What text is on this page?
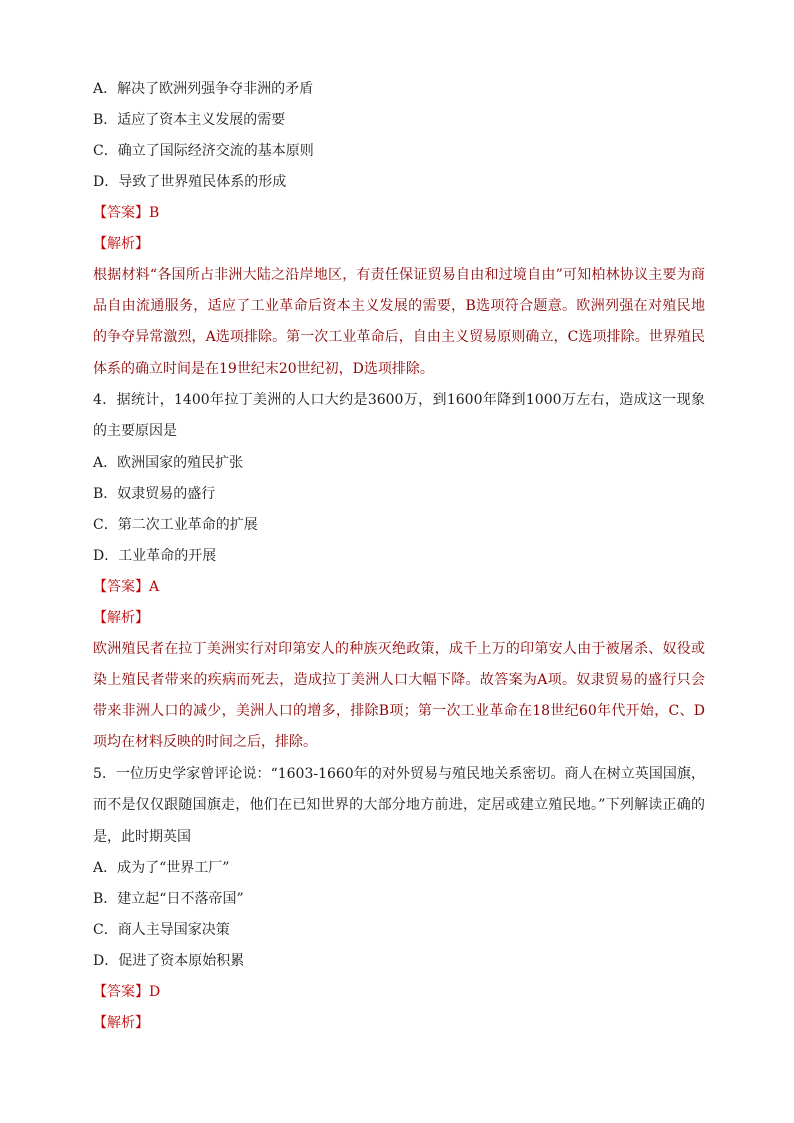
A．解决了欧洲列强争夺非洲的矛盾
B．适应了资本主义发展的需要
C．确立了国际经济交流的基本原则
D．导致了世界殖民体系的形成
【答案】B
【解析】
根据材料“各国所占非洲大陆之沿岸地区，有责任保证贸易自由和过境自由”可知柏林协议主要为商品自由流通服务，适应了工业革命后资本主义发展的需要，B选项符合题意。欧洲列强在对殖民地的争夺异常激烈，A选项排除。第一次工业革命后，自由主义贸易原则确立，C选项排除。世界殖民体系的确立时间是在19世纪末20世纪初，D选项排除。
4．据统计，1400年拉丁美洲的人口大约是3600万，到1600年降到1000万左右，造成这一现象的主要原因是
A．欧洲国家的殖民扩张
B．奴隶贸易的盛行
C．第二次工业革命的扩展
D．工业革命的开展
【答案】A
【解析】
欧洲殖民者在拉丁美洲实行对印第安人的种族灭绝政策，成千上万的印第安人由于被屠杀、奴役或染上殖民者带来的疾病而死去，造成拉丁美洲人口大幅下降。故答案为A项。奴隶贸易的盛行只会带来非洲人口的减少，美洲人口的增多，排除B项；第一次工业革命在18世纪60年代开始，C、D项均在材料反映的时间之后，排除。
5．一位历史学家曾评论说：“1603-1660年的对外贸易与殖民地关系密切。商人在树立英国国旗，而不是仅仅跟随国旗走，他们在已知世界的大部分地方前进，定居或建立殖民地。”下列解读正确的是，此时期英国
A．成为了“世界工厂”
B．建立起“日不落帝国”
C．商人主导国家决策
D．促进了资本原始积累
【答案】D
【解析】
